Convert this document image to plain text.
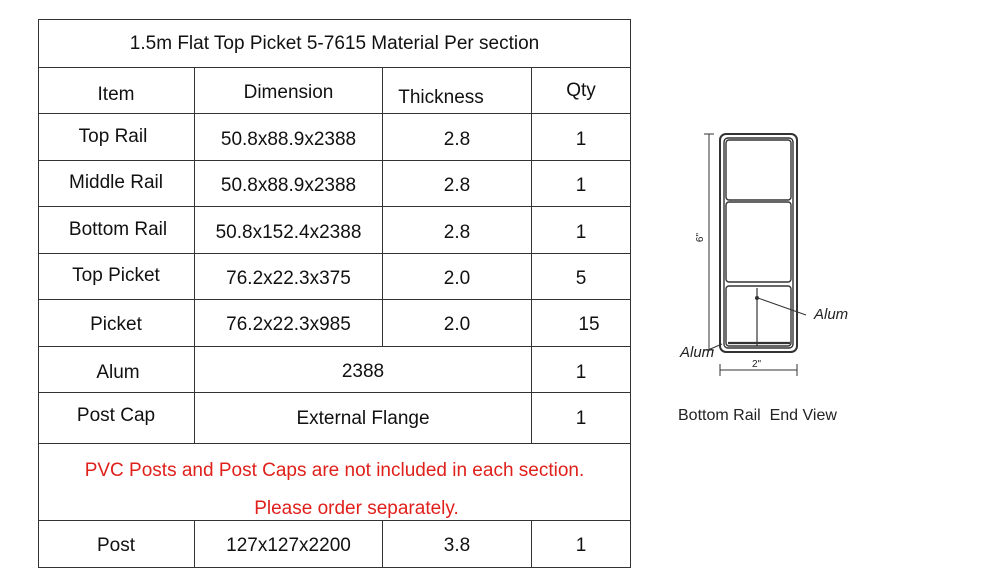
1.5m Flat Top Picket 5-7615 Material Per section
Item	Dimension	Thickness	Qty
Top Rail	50.8x88.9x2388	2.8	1
Middle Rail	50.8x88.9x2388	2.8	1
Bottom Rail	50.8x152.4x2388	2.8	1
Top Picket	76.2x22.3x375	2.0	5
Picket	76.2x22.3x985	2.0	15
Alum	2388	1
Post Cap	External Flange	1
PVC Posts and Post Caps are not included in each section.
Please order separately.
Post	127x127x2200	3.8	1
6"
2"
Alum
Alum
Bottom Rail  End View
